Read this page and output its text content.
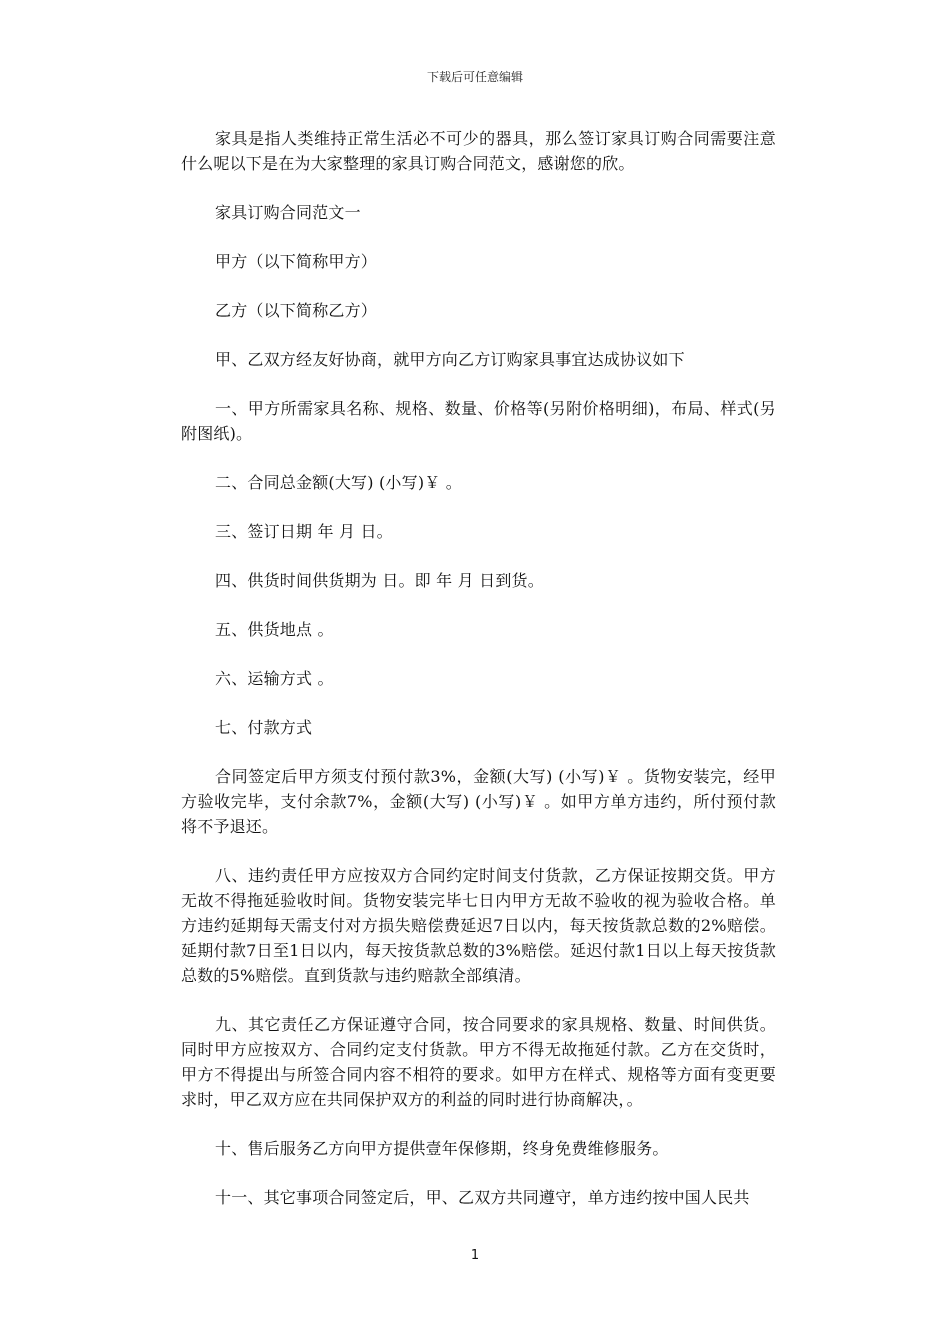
下载后可任意编辑

家具是指人类维持正常生活必不可少的器具，那么签订家具订购合同需要注意什么呢以下是在为大家整理的家具订购合同范文，感谢您的欣。

家具订购合同范文一

甲方（以下简称甲方）

乙方（以下简称乙方）

甲、乙双方经友好协商，就甲方向乙方订购家具事宜达成协议如下

一、甲方所需家具名称、规格、数量、价格等(另附价格明细)，布局、样式(另附图纸)。

二、合同总金额(大写) (小写)￥ 。

三、签订日期 年 月 日。

四、供货时间供货期为 日。即 年 月 日到货。

五、供货地点 。

六、运输方式 。

七、付款方式

合同签定后甲方须支付预付款3%，金额(大写) (小写)￥ 。货物安装完，经甲方验收完毕，支付余款7%，金额(大写) (小写)￥ 。如甲方单方违约，所付预付款将不予退还。

八、违约责任甲方应按双方合同约定时间支付货款，乙方保证按期交货。甲方无故不得拖延验收时间。货物安装完毕七日内甲方无故不验收的视为验收合格。单方违约延期每天需支付对方损失赔偿费延迟7日以内，每天按货款总数的2%赔偿。延期付款7日至1日以内，每天按货款总数的3%赔偿。延迟付款1日以上每天按货款总数的5%赔偿。直到货款与违约赔款全部缜清。

九、其它责任乙方保证遵守合同，按合同要求的家具规格、数量、时间供货。同时甲方应按双方、合同约定支付货款。甲方不得无故拖延付款。乙方在交货时，甲方不得提出与所签合同内容不相符的要求。如甲方在样式、规格等方面有变更要求时，甲乙双方应在共同保护双方的利益的同时进行协商解决，。

十、售后服务乙方向甲方提供壹年保修期，终身免费维修服务。

十一、其它事项合同签定后，甲、乙双方共同遵守，单方违约按中国人民共

1
